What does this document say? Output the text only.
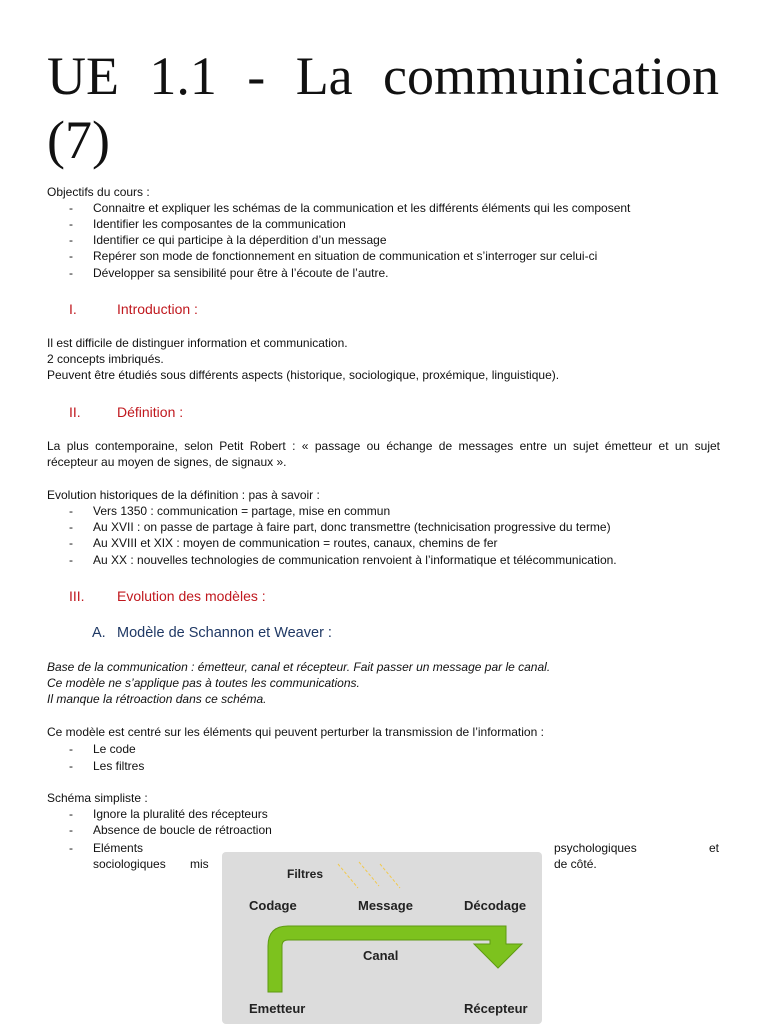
UE 1.1 - La communication
(7)

Objectifs du cours :

- Connaitre et expliquer les schémas de la communication et les différents éléments qui les composent

- Identifier les composantes de la communication

- Identifier ce qui participe à la déperdition d’un message

- Repérer son mode de fonctionnement en situation de communication et s’interroger sur celui-ci

- Développer sa sensibilité pour être à l’écoute de l’autre.

I.	Introduction :

Il est difficile de distinguer information et communication.

2 concepts imbriqués.

Peuvent être étudiés sous différents aspects (historique, sociologique, proxémique, linguistique).

II.	Définition :

La plus contemporaine, selon Petit Robert : « passage ou échange de messages entre un sujet émetteur et un sujet

récepteur au moyen de signes, de signaux ».

Evolution historiques de la définition : pas à savoir :

- Vers 1350 : communication = partage, mise en commun

- Au XVII : on passe de partage à faire part, donc transmettre (technicisation progressive du terme)

- Au XVIII et XIX : moyen de communication = routes, canaux, chemins de fer

- Au XX : nouvelles technologies de communication renvoient à l’informatique et télécommunication.

III. Evolution des modèles :
A. Modèle de Schannon et Weaver :

Base de la communication : émetteur, canal et récepteur. Fait passer un message par le canal.

Ce modèle ne s’applique pas à toutes les communications.

Il manque la rétroaction dans ce schéma.

Ce modèle est centré sur les éléments qui peuvent perturber la transmission de l’information :

- Le code

- Les filtres

Schéma simpliste :

- Ignore la pluralité des récepteurs

- Absence de boucle de rétroaction

- Eléments	psychologiques	et

sociologiques mis	de côté.

Filtres
Codage	Message	Décodage
Canal
Emetteur	Récepteur
